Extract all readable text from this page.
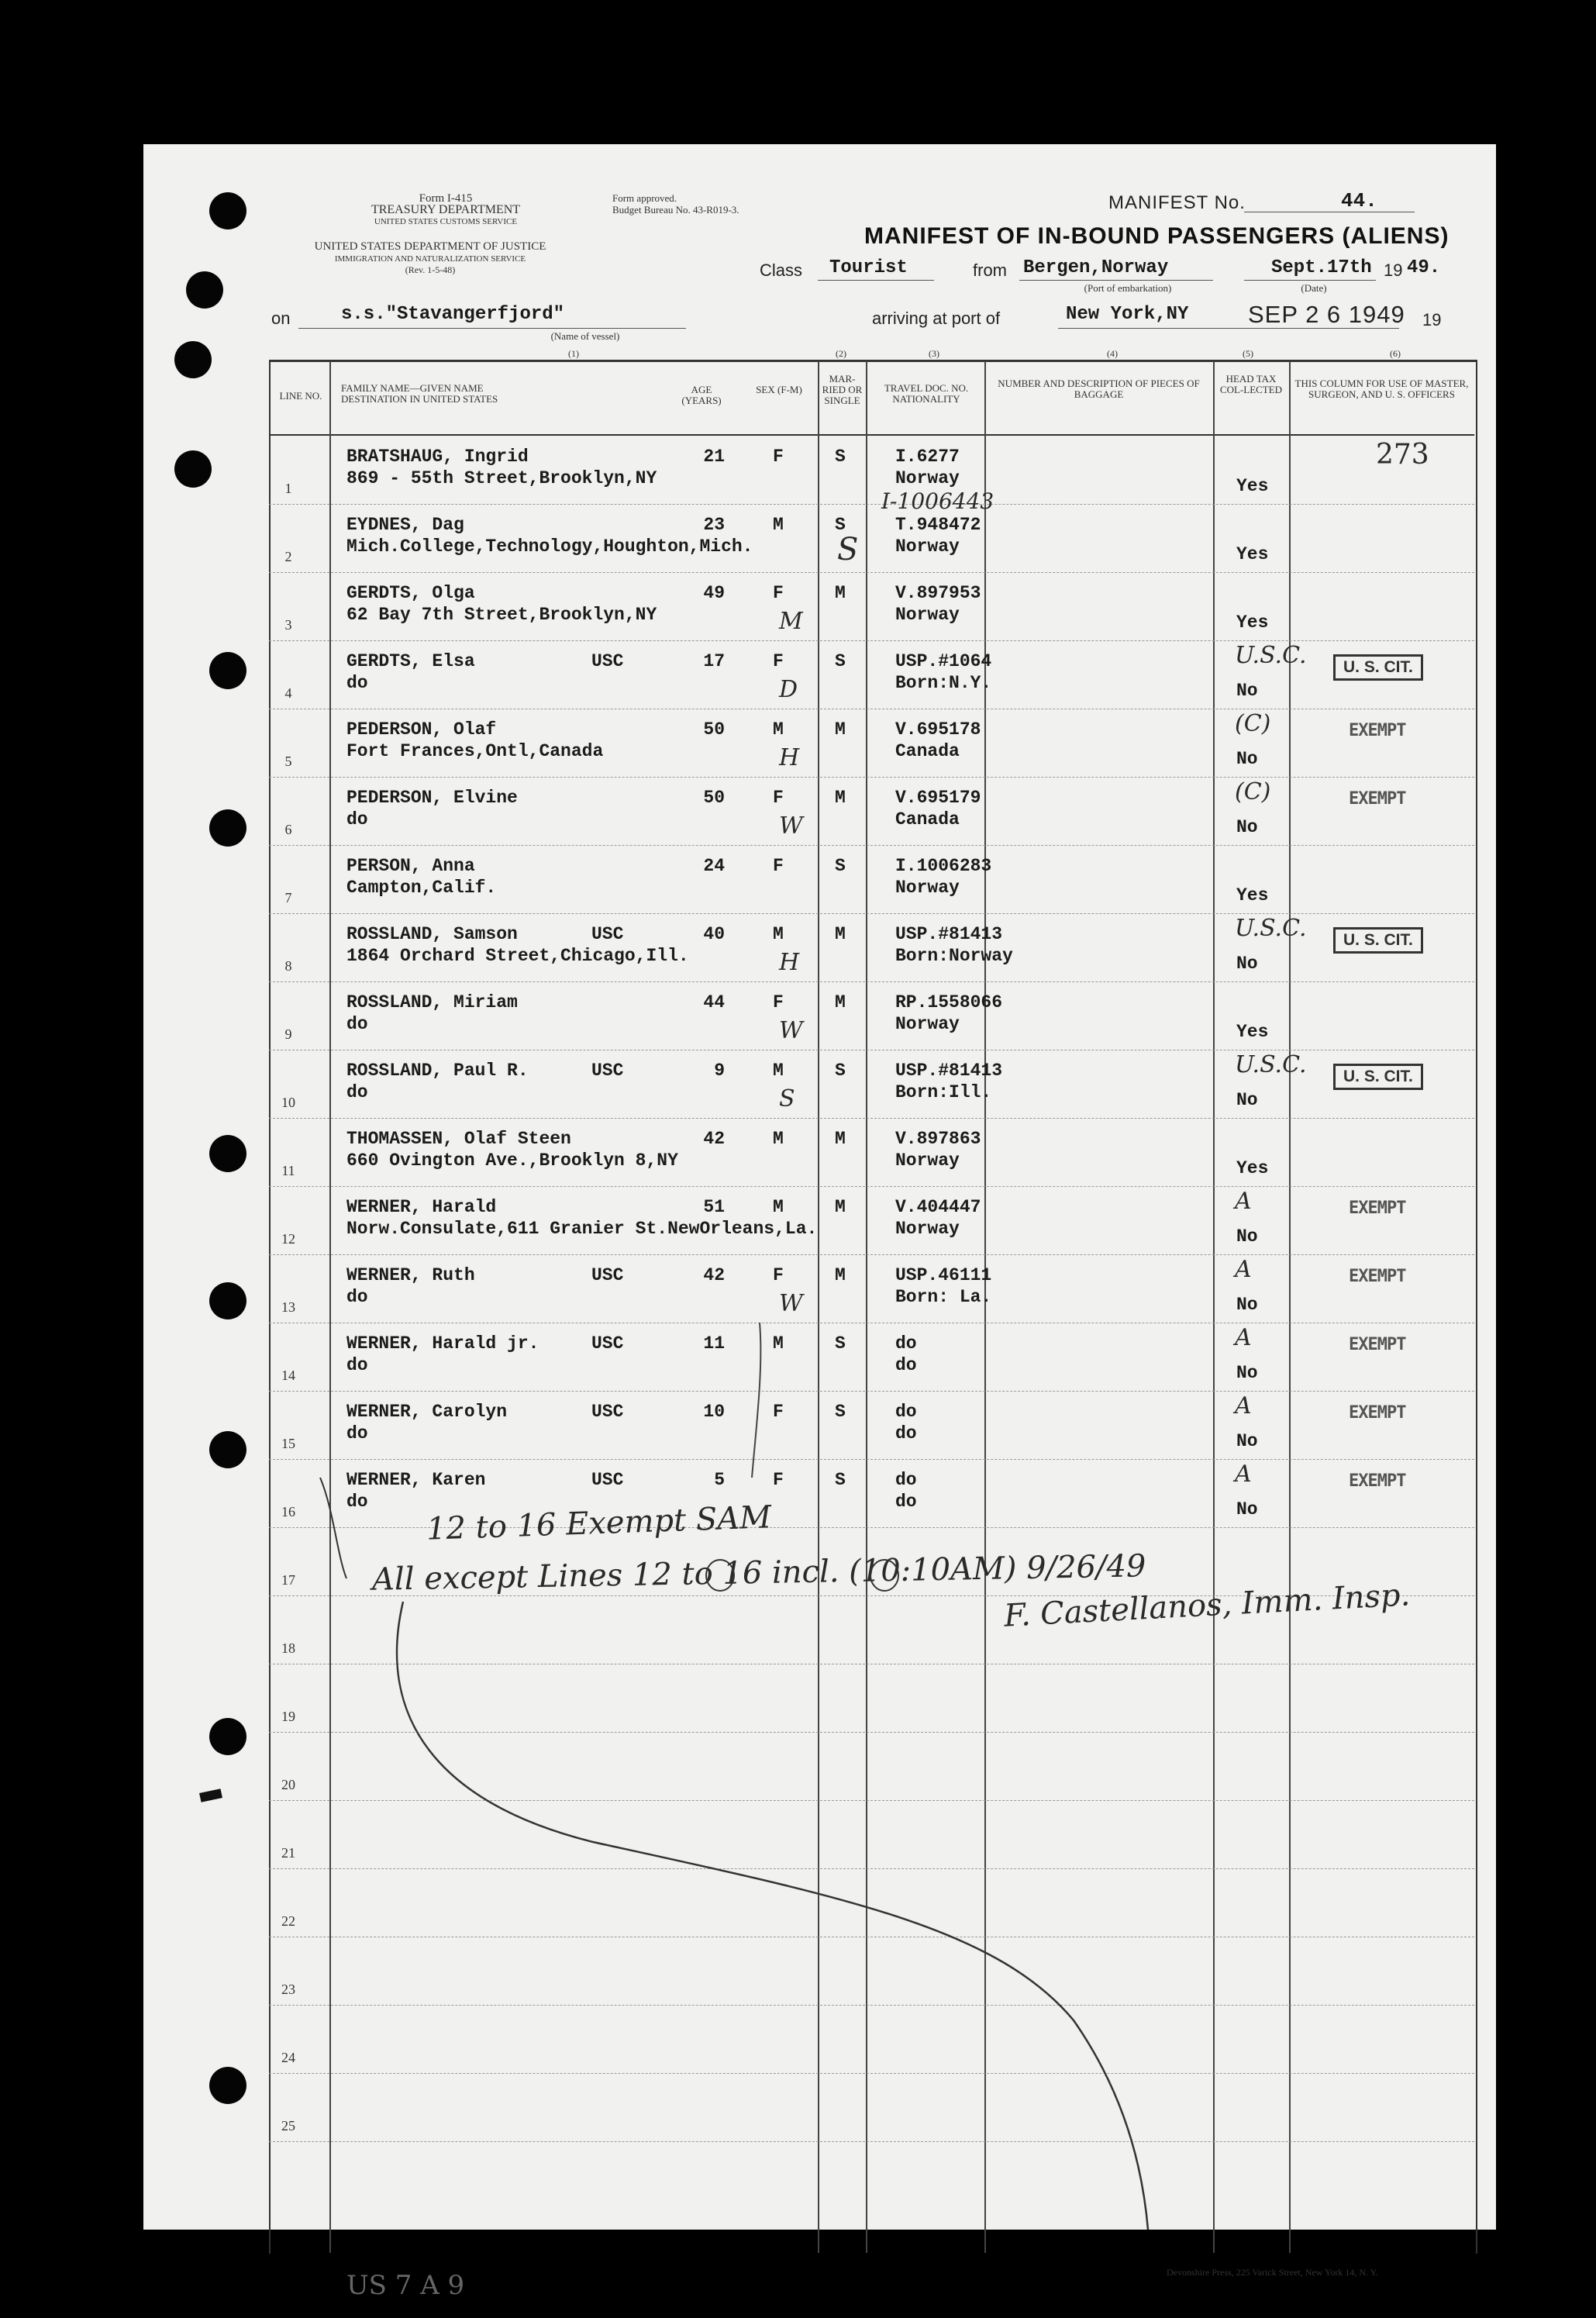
Form I-415
TREASURY DEPARTMENT
UNITED STATES CUSTOMS SERVICE
UNITED STATES DEPARTMENT OF JUSTICE
IMMIGRATION AND NATURALIZATION SERVICE
(Rev. 1-5-48)
Form approved.
Budget Bureau No. 43-R019-3.	MANIFEST No.	44.
MANIFEST OF IN-BOUND PASSENGERS (ALIENS)
Class Tourist	from Bergen,Norway
(Port of embarkation)
Sept.17th 19 49.
(Date)
on	s.s."Stavangerfjord"
(Name of vessel)
arriving at port of	New York,NY SEP 2 6 1949 19
(1)	(2)	(3)	(4)	(5)	(6)
LINE NO.
FAMILY NAME—GIVEN NAME DESTINATION IN UNITED STATES
AGE (YEARS)
SEX (F-M)
MAR-RIED OR SINGLE
TRAVEL DOC. NO. NATIONALITY
NUMBER AND DESCRIPTION OF PIECES OF BAGGAGE
HEAD TAX COL-LECTED
THIS COLUMN FOR USE OF MASTER, SURGEON, AND U. S. OFFICERS
1
BRATSHAUG, Ingrid
869 - 55th Street,Brooklyn,NY
21	F	S	I.6277
Norway	Yes
I-1006443
273
2
EYDNES, Dag
Mich.College,Technology,Houghton,Mich.
23	M	S	T.948472
Norway	Yes
S
3
GERDTS, Olga
62 Bay 7th Street,Brooklyn,NY
49	F	M	V.897953
Norway	Yes
M
4
GERDTS, Elsa	USC
do
17	F	S	USP.#1064
Born:N.Y.	No
U.S.C.
D
U. S. CIT.
5
PEDERSON, Olaf
Fort Frances,Ontl,Canada
50	M	M	V.695178
Canada	No
(C)
H
EXEMPT
6
PEDERSON, Elvine
do
50	F	M	V.695179
Canada	No
(C)
W
EXEMPT
7
PERSON, Anna
Campton,Calif.
24	F	S	I.1006283
Norway	Yes
8
ROSSLAND, Samson	USC
1864 Orchard Street,Chicago,Ill.
40	M	M	USP.#81413
Born:Norway	No
U.S.C.
H
U. S. CIT.
9
ROSSLAND, Miriam
do
44	F	M	RP.1558066
Norway	Yes
W
10
ROSSLAND, Paul R.	USC
do
9	M	S	USP.#81413
Born:Ill.	No
U.S.C.
S
U. S. CIT.
11
THOMASSEN, Olaf Steen
660 Ovington Ave.,Brooklyn 8,NY
42	M	M	V.897863
Norway	Yes
12
WERNER, Harald
Norw.Consulate,611 Granier St.NewOrleans,La.
51	M	M	V.404447
Norway	No
A	EXEMPT
13
WERNER, Ruth	USC
do
42	F	M	USP.46111
Born: La.	No
A
W
EXEMPT
14
WERNER, Harald jr.	USC
do
11	M	S	do
do	No
A	EXEMPT
15
WERNER, Carolyn	USC
do
10	F	S	do
do	No
A	EXEMPT
16
WERNER, Karen	USC
do
5	F	S	do
do	No
A	EXEMPT
17
18
19
20
21
22
23
24
25
12 to 16 Exempt SAM
All except Lines 12 to 16 incl. (10:10AM) 9/26/49
F. Castellanos, Imm. Insp.
Devonshire Press, 225 Varick Street, New York 14, N. Y.
US 7 A 9
